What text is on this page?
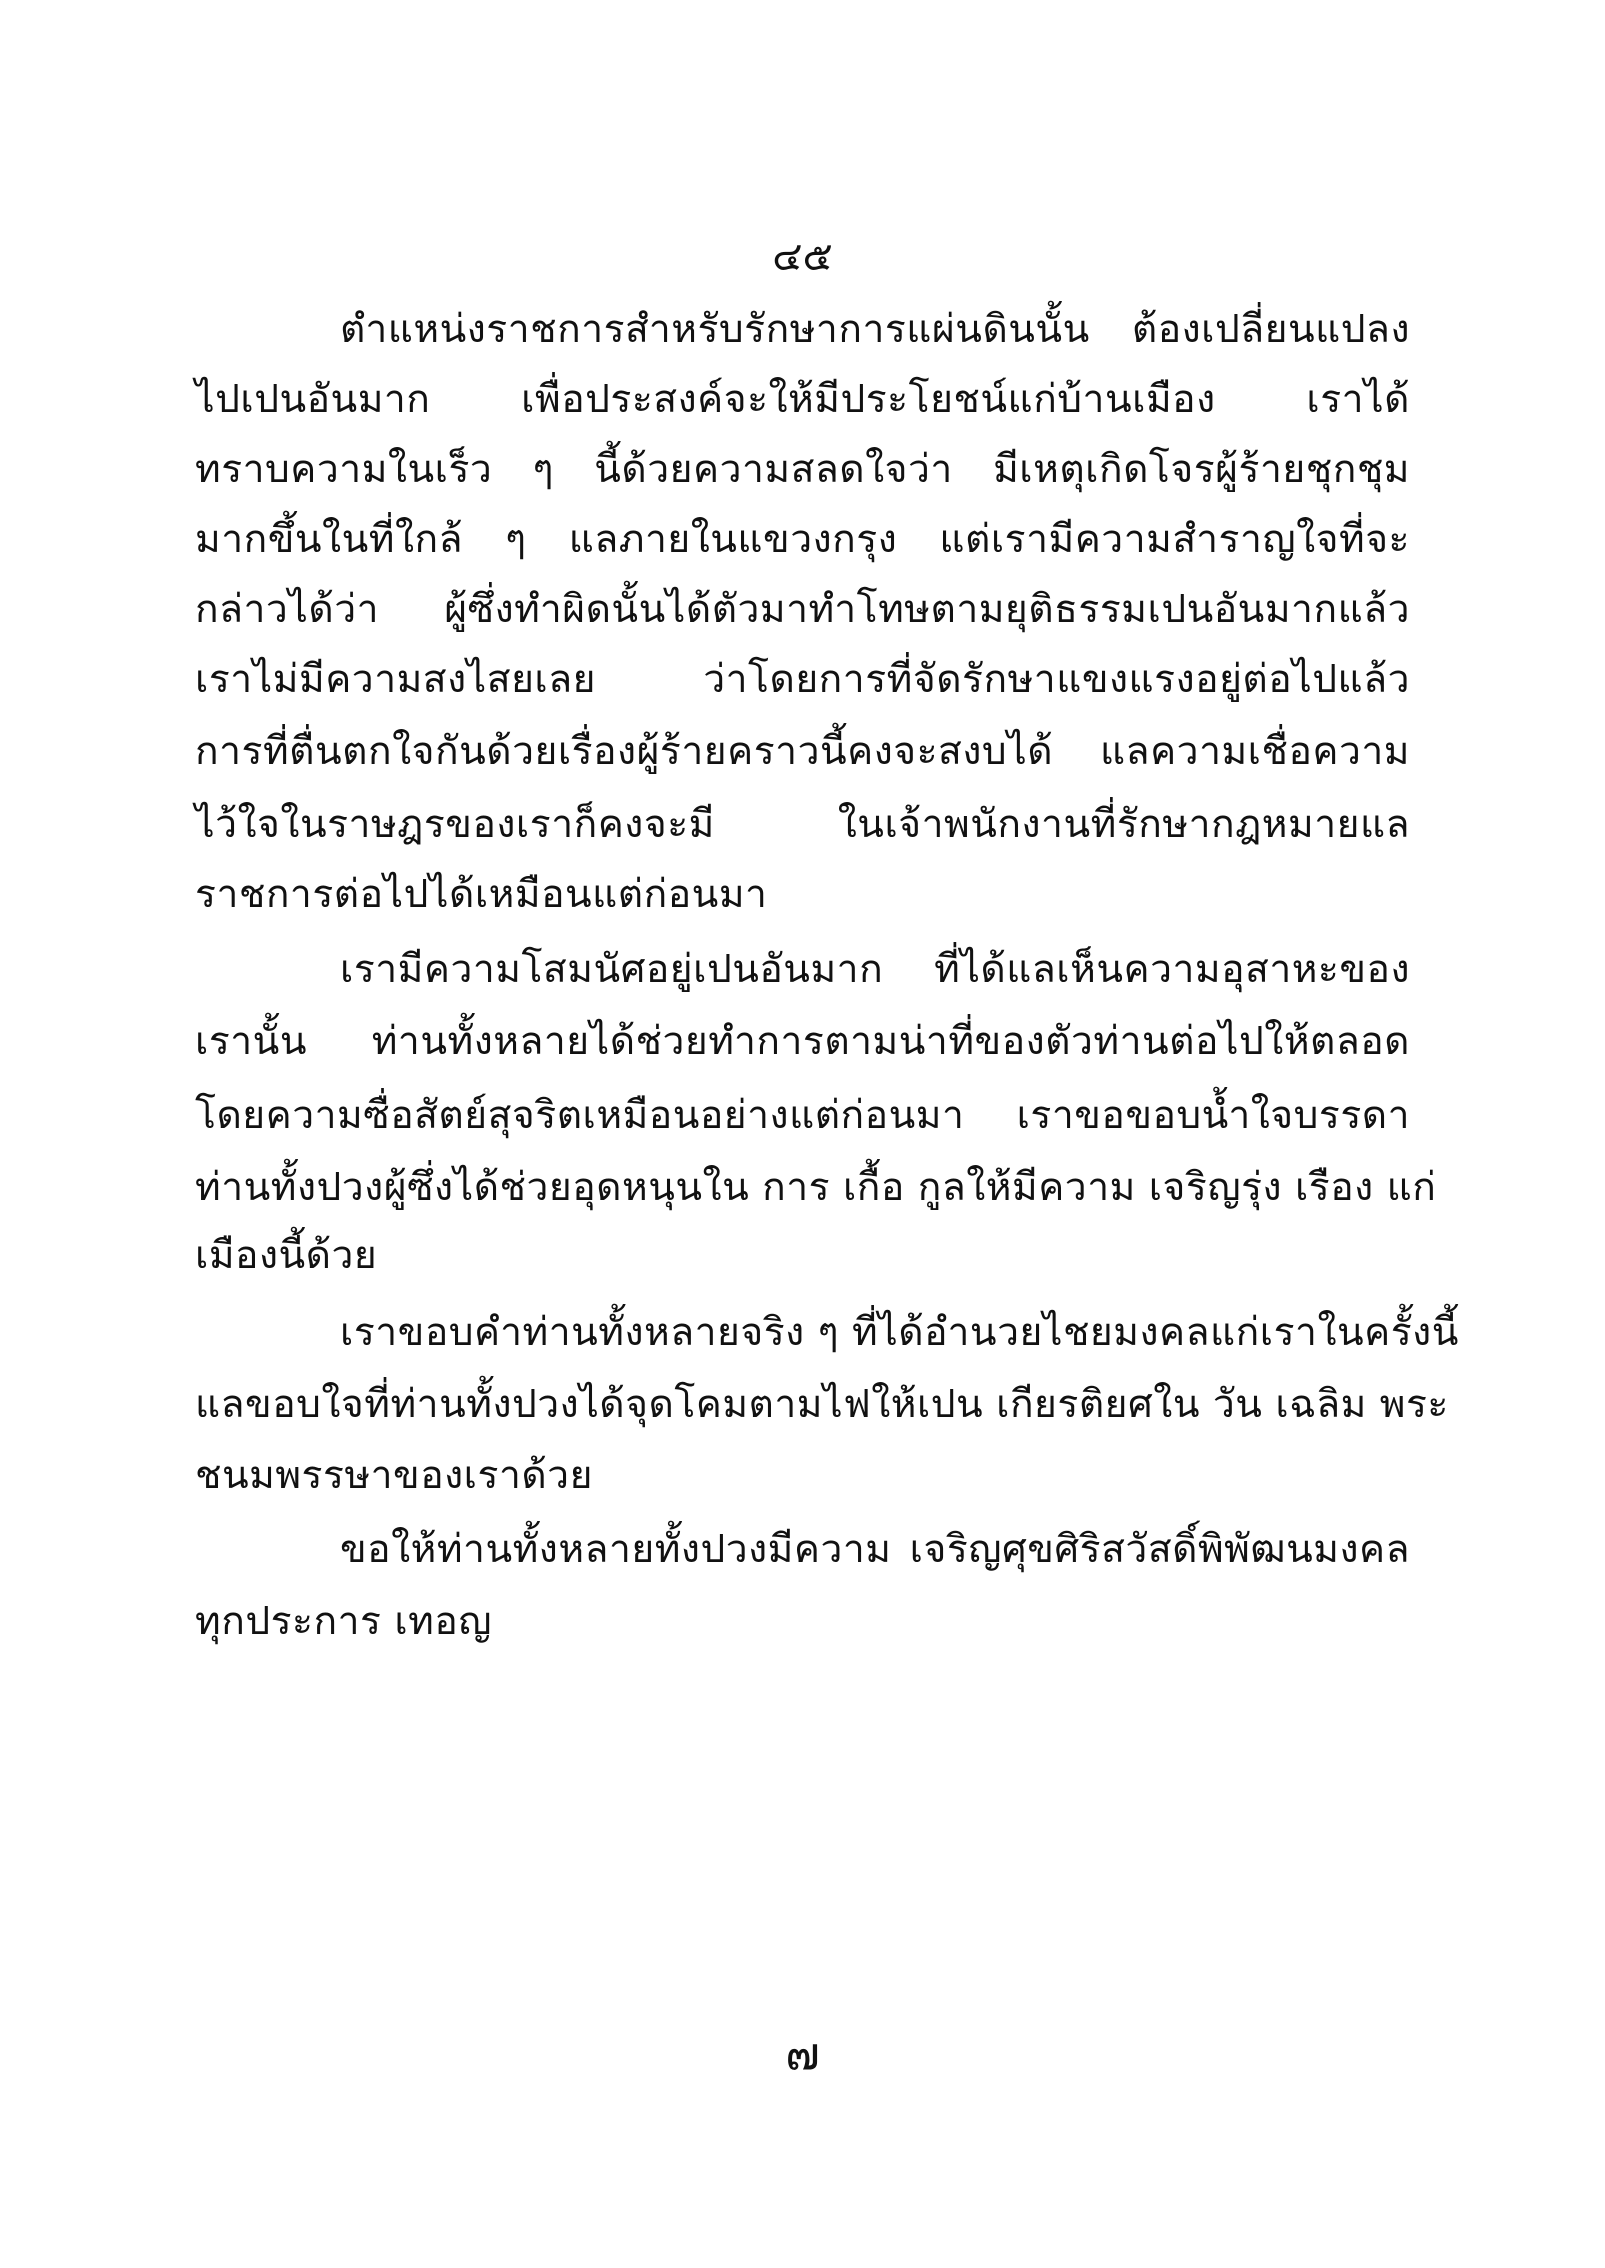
๔๕
ตำแหน่งราชการสำหรับรักษาการแผ่นดินนั้น ต้องเปลี่ยนแปลง
ไปเปนอันมาก เพื่อประสงค์จะให้มีประโยชน์แก่บ้านเมือง เราได้
ทราบความในเร็ว ๆ นี้ด้วยความสลดใจว่า มีเหตุเกิดโจรผู้ร้ายชุกชุม
มากขึ้นในที่ใกล้ ๆ แลภายในแขวงกรุง แต่เรามีความสำราญใจที่จะ
กล่าวได้ว่า ผู้ซึ่งทำผิดนั้นได้ตัวมาทำโทษตามยุติธรรมเปนอันมากแล้ว
เราไม่มีความสงไสยเลย ว่าโดยการที่จัดรักษาแขงแรงอยู่ต่อไปแล้ว
การที่ตื่นตกใจกันด้วยเรื่องผู้ร้ายคราวนี้คงจะสงบได้ แลความเชื่อความ
ไว้ใจในราษฎรของเราก็คงจะมี ในเจ้าพนักงานที่รักษากฎหมายแล
ราชการต่อไปได้เหมือนแต่ก่อนมา
เรามีความโสมนัศอยู่เปนอันมาก ที่ได้แลเห็นความอุสาหะของ
เรานั้น ท่านทั้งหลายได้ช่วยทำการตามน่าที่ของตัวท่านต่อไปให้ตลอด
โดยความซื่อสัตย์สุจริตเหมือนอย่างแต่ก่อนมา เราขอขอบน้ำใจบรรดา
ท่านทั้งปวงผู้ซึ่งได้ช่วยอุดหนุนใน การ เกื้อ กูลให้มีความ เจริญรุ่ง เรือง แก่
เมืองนี้ด้วย
เราขอบคำท่านทั้งหลายจริง ๆ ที่ได้อำนวยไชยมงคลแก่เราในครั้งนี้
แลขอบใจที่ท่านทั้งปวงได้จุดโคมตามไฟให้เปน เกียรติยศใน วัน เฉลิม พระ
ชนมพรรษาของเราด้วย
ขอให้ท่านทั้งหลายทั้งปวงมีความ เจริญศุขศิริสวัสดิ์พิพัฒนมงคล
ทุกประการ เทอญ
๗
